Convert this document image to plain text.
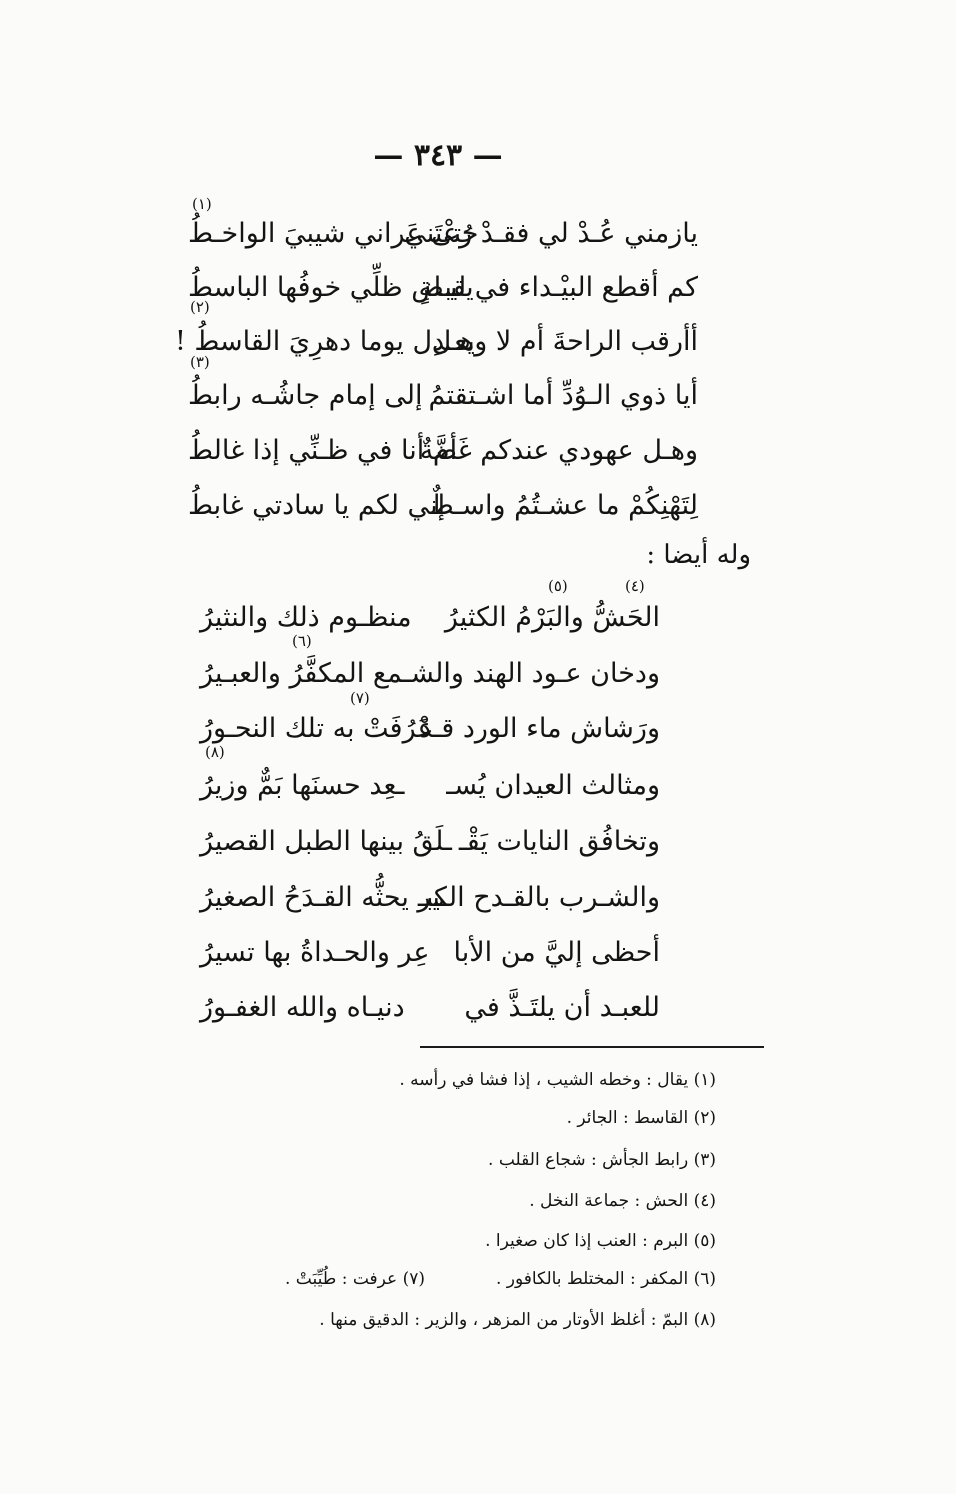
— ٣٤٣ —
يازمني عُـدْ لي فقـدْ رُعْتَني
حتى عَراني شيبيَ الواخـطُ
(١)
كم أقطع البيْـداء في ليـلةٍ
يقبض ظلِّي خوفُها الباسطُ
أأرقب الراحةَ أم لا وهـل
يعـدِل يوما دهرِيَ القاسطُ !
(٢)
أيا ذوي الـوُدِّ أما اشـتقتمُ
إلى إمام جاشُـه رابطُ
(٣)
وهـل عهودي عندكم غَضَّةٌ
أم أنا في ظـنِّي إذا غالطُ
لِتَهْنِكُمْ ما عشـتُمُ واسـطٌ
إني لكم يا سادتي غابطُ
وله أيضا :
(٤)
(٥)
الحَشُّ والبَرْمُ الكثيرُ
منظـوم ذلك والنثيرُ
(٦)
ودخان عـود الهند والشـ
ـمع المكفَّرُ والعبـيرُ
(٧)
ورَشاش ماء الورد قـدْ
عَرُفَتْ به تلك النحـورُ
(٨)
ومثالث العيدان يُسـ
ـعِد حسنَها بَمٌّ وزيرُ
وتخافُق النايات يَقْـ
ـلَقُ بينها الطبل القصيرُ
والشـرب بالقـدح الكبـ
ـير يحثُّه القـدَحُ الصغيرُ
أحظى إليَّ من الأبا
عِر والحـداةُ بها تسيرُ
للعبـد أن يلتَـذَّ في
دنيـاه والله الغفـورُ
(١) يقال : وخطه الشيب ، إذا فشا في رأسه .
(٢) القاسط : الجائر .
(٣) رابط الجأش : شجاع القلب .
(٤) الحش : جماعة النخل .
(٥) البرم : العنب إذا كان صغيرا .
(٦) المكفر : المختلط بالكافور .
(٧) عرفت : طُيِّبَتْ .
(٨) البمّ : أغلظ الأوتار من المزهر ، والزير : الدقيق منها .
